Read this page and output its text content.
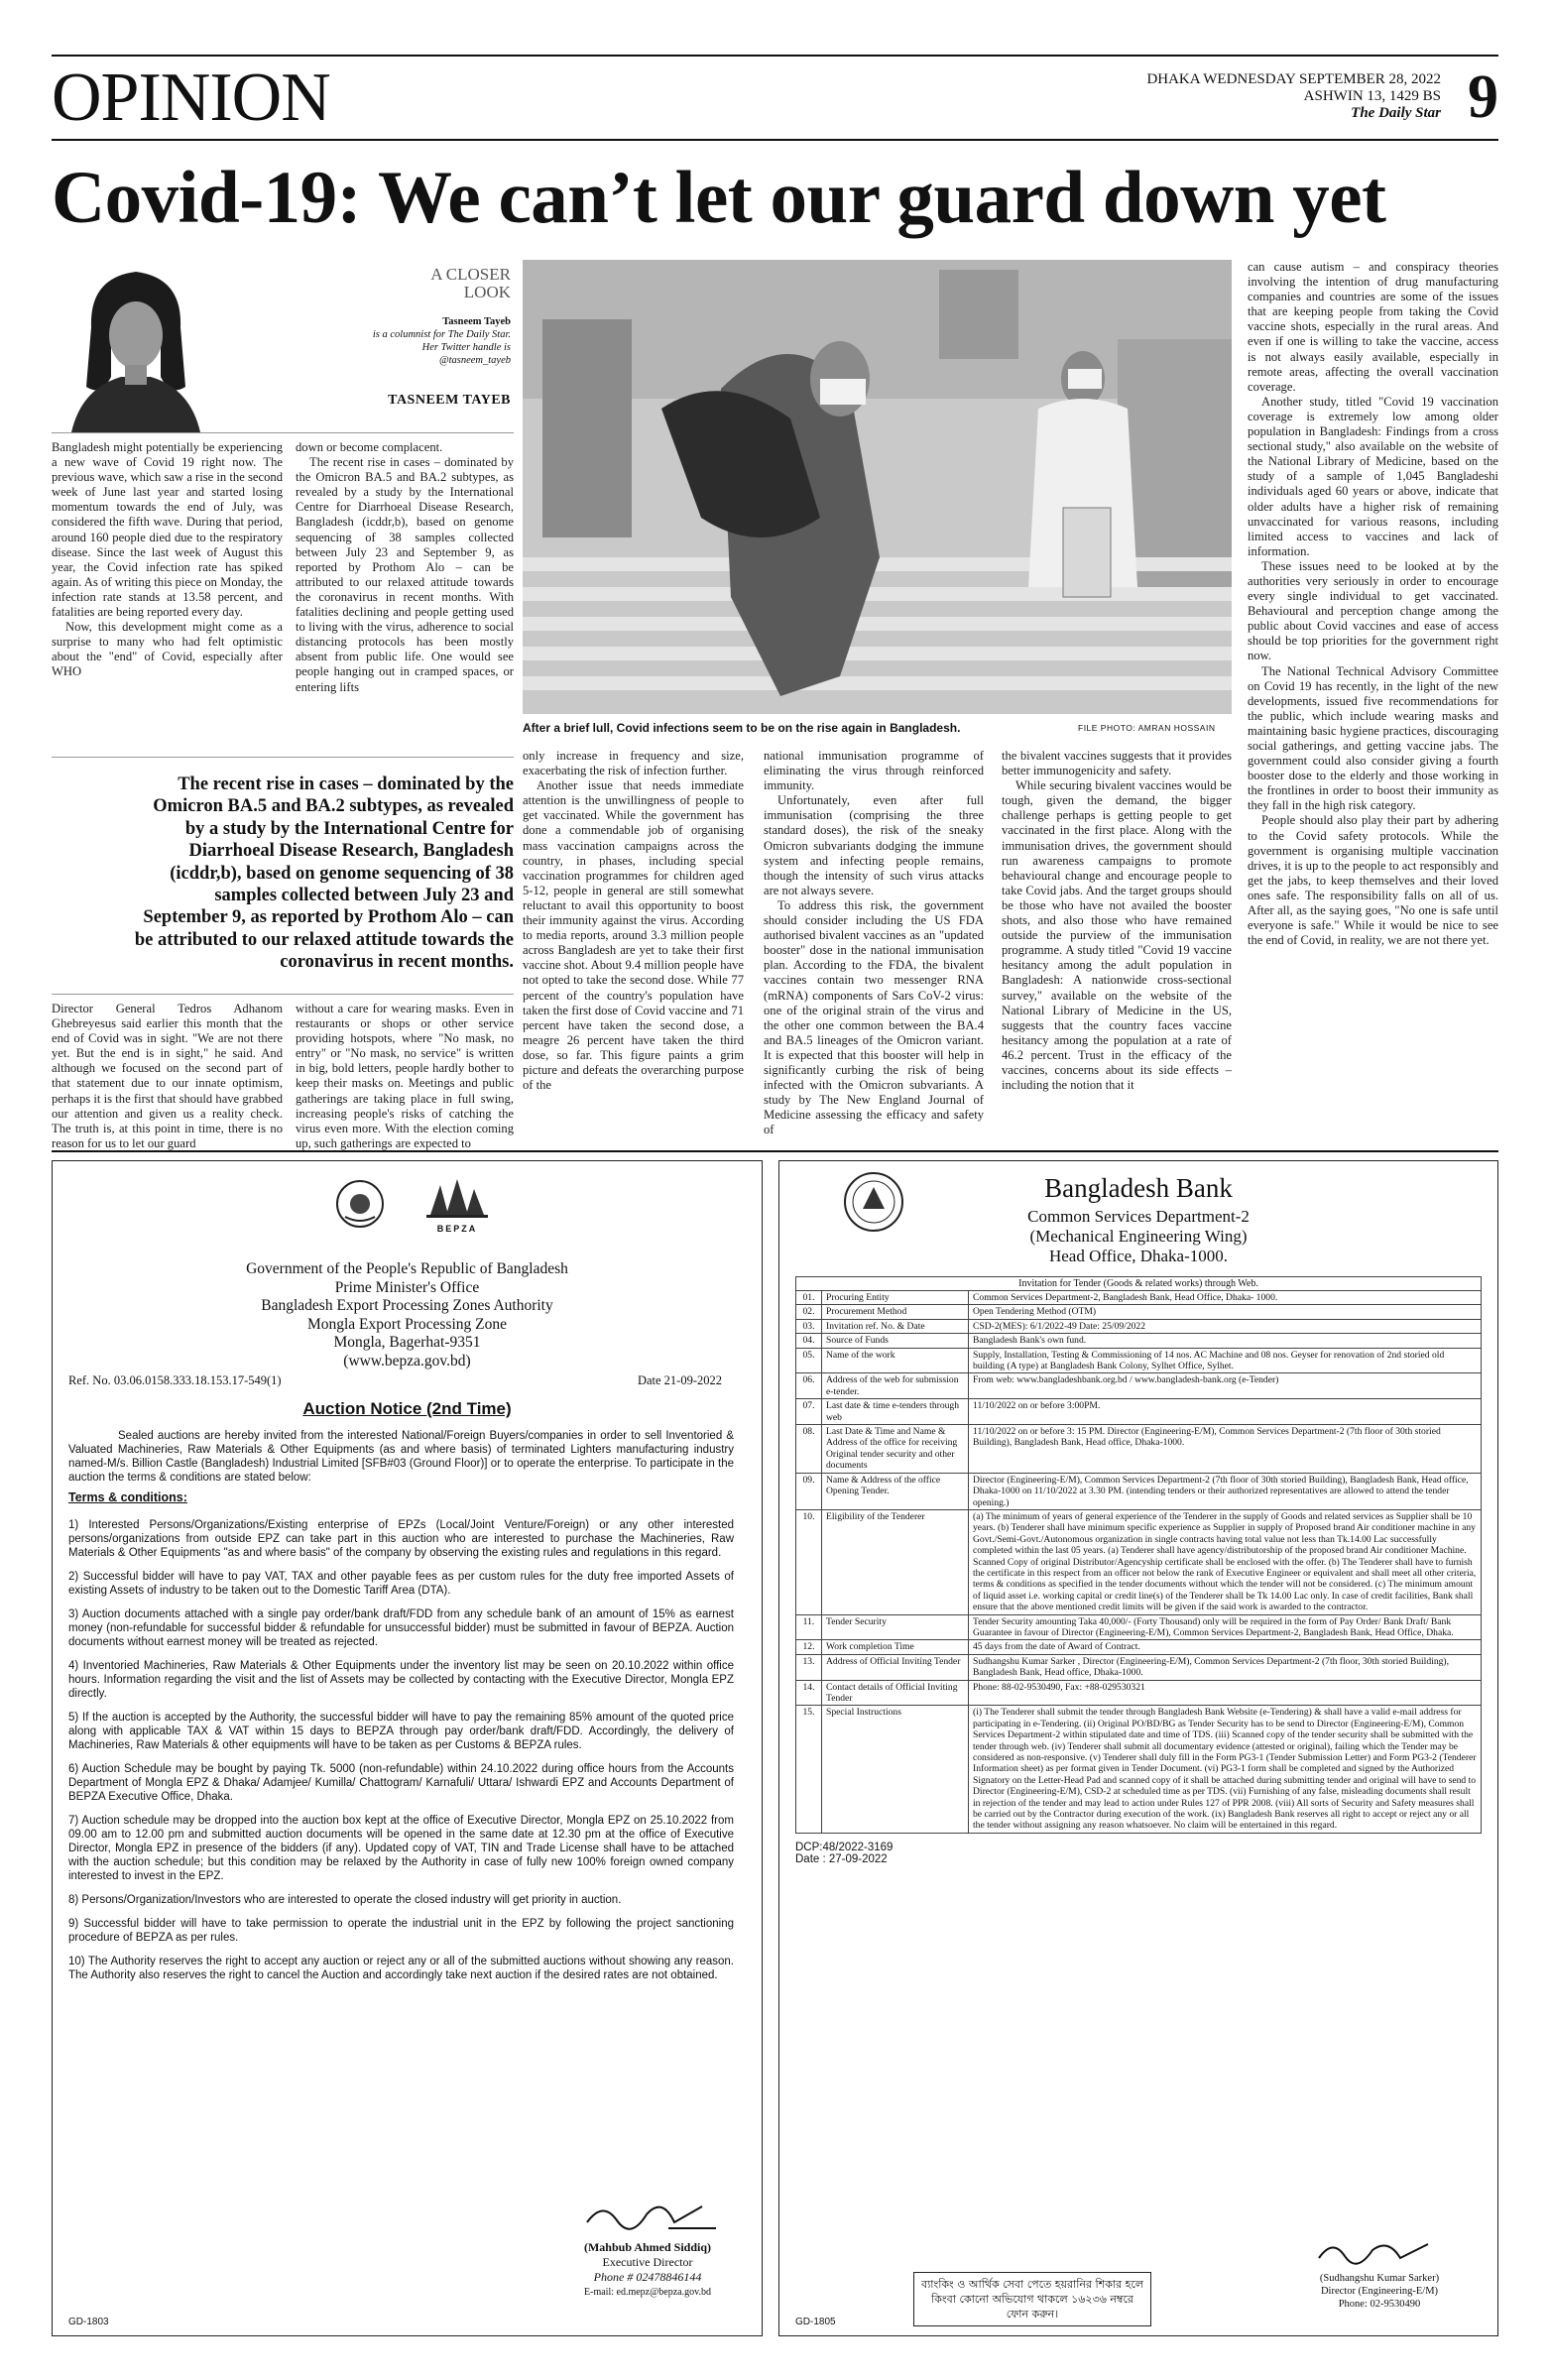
OPINION	DHAKA WEDNESDAY SEPTEMBER 28, 2022
ASHWIN 13, 1429 BS
The Daily Star 9
Covid-19: We can’t let our guard down yet
A CLOSER LOOK
Tasneem Tayeb
is a columnist for The Daily Star.
Her Twitter handle is
@tasneem_tayeb
TASNEEM TAYEB
After a brief lull, Covid infections seem to be on the rise again in Bangladesh.	FILE PHOTO: AMRAN HOSSAIN

Bangladesh might potentially be experiencing a new wave of Covid 19 right now. The previous wave, which saw a rise in the second week of June last year and started losing momentum towards the end of July, was considered the fifth wave. During that period, around 160 people died due to the respiratory disease. Since the last week of August this year, the Covid infection rate has spiked again. As of writing this piece on Monday, the infection rate stands at 13.58 percent, and fatalities are being reported every day.

Now, this development might come as a surprise to many who had felt optimistic about the "end" of Covid, especially after WHO

down or become complacent.

The recent rise in cases – dominated by the Omicron BA.5 and BA.2 subtypes, as revealed by a study by the International Centre for Diarrhoeal Disease Research, Bangladesh (icddr,b), based on genome sequencing of 38 samples collected between July 23 and September 9, as reported by Prothom Alo – can be attributed to our relaxed attitude towards the coronavirus in recent months. With fatalities declining and people getting used to living with the virus, adherence to social distancing protocols has been mostly absent from public life. One would see people hanging out in cramped spaces, or entering lifts

The recent rise in cases – dominated by the Omicron BA.5 and BA.2 subtypes, as revealed by a study by the International Centre for Diarrhoeal Disease Research, Bangladesh (icddr,b), based on genome sequencing of 38 samples collected between July 23 and September 9, as reported by Prothom Alo – can be attributed to our relaxed attitude towards the coronavirus in recent months.

Director General Tedros Adhanom Ghebreyesus said earlier this month that the end of Covid was in sight. "We are not there yet. But the end is in sight," he said. And although we focused on the second part of that statement due to our innate optimism, perhaps it is the first that should have grabbed our attention and given us a reality check. The truth is, at this point in time, there is no reason for us to let our guard

without a care for wearing masks. Even in restaurants or shops or other service providing hotspots, where "No mask, no entry" or "No mask, no service" is written in big, bold letters, people hardly bother to keep their masks on. Meetings and public gatherings are taking place in full swing, increasing people's risks of catching the virus even more. With the election coming up, such gatherings are expected to

only increase in frequency and size, exacerbating the risk of infection further.

Another issue that needs immediate attention is the unwillingness of people to get vaccinated. While the government has done a commendable job of organising mass vaccination campaigns across the country, in phases, including special vaccination programmes for children aged 5-12, people in general are still somewhat reluctant to avail this opportunity to boost their immunity against the virus. According to media reports, around 3.3 million people across Bangladesh are yet to take their first vaccine shot. About 9.4 million people have not opted to take the second dose. While 77 percent of the country's population have taken the first dose of Covid vaccine and 71 percent have taken the second dose, a meagre 26 percent have taken the third dose, so far. This figure paints a grim picture and defeats the overarching purpose of the

national immunisation programme of eliminating the virus through reinforced immunity.

Unfortunately, even after full immunisation (comprising the three standard doses), the risk of the sneaky Omicron subvariants dodging the immune system and infecting people remains, though the intensity of such virus attacks are not always severe.

To address this risk, the government should consider including the US FDA authorised bivalent vaccines as an "updated booster" dose in the national immunisation plan. According to the FDA, the bivalent vaccines contain two messenger RNA (mRNA) components of Sars CoV-2 virus: one of the original strain of the virus and the other one common between the BA.4 and BA.5 lineages of the Omicron variant. It is expected that this booster will help in significantly curbing the risk of being infected with the Omicron subvariants. A study by The New England Journal of Medicine assessing the efficacy and safety of

the bivalent vaccines suggests that it provides better immunogenicity and safety.

While securing bivalent vaccines would be tough, given the demand, the bigger challenge perhaps is getting people to get vaccinated in the first place. Along with the immunisation drives, the government should run awareness campaigns to promote behavioural change and encourage people to take Covid jabs. And the target groups should be those who have not availed the booster shots, and also those who have remained outside the purview of the immunisation programme. A study titled "Covid 19 vaccine hesitancy among the adult population in Bangladesh: A nationwide cross-sectional survey," available on the website of the National Library of Medicine in the US, suggests that the country faces vaccine hesitancy among the population at a rate of 46.2 percent. Trust in the efficacy of the vaccines, concerns about its side effects – including the notion that it

can cause autism – and conspiracy theories involving the intention of drug manufacturing companies and countries are some of the issues that are keeping people from taking the Covid vaccine shots, especially in the rural areas. And even if one is willing to take the vaccine, access is not always easily available, especially in remote areas, affecting the overall vaccination coverage.

Another study, titled "Covid 19 vaccination coverage is extremely low among older population in Bangladesh: Findings from a cross sectional study," also available on the website of the National Library of Medicine, based on the study of a sample of 1,045 Bangladeshi individuals aged 60 years or above, indicate that older adults have a higher risk of remaining unvaccinated for various reasons, including limited access to vaccines and lack of information.

These issues need to be looked at by the authorities very seriously in order to encourage every single individual to get vaccinated. Behavioural and perception change among the public about Covid vaccines and ease of access should be top priorities for the government right now.

The National Technical Advisory Committee on Covid 19 has recently, in the light of the new developments, issued five recommendations for the public, which include wearing masks and maintaining basic hygiene practices, discouraging social gatherings, and getting vaccine jabs. The government could also consider giving a fourth booster dose to the elderly and those working in the frontlines in order to boost their immunity as they fall in the high risk category.

People should also play their part by adhering to the Covid safety protocols. While the government is organising multiple vaccination drives, it is up to the people to act responsibly and get the jabs, to keep themselves and their loved ones safe. The responsibility falls on all of us. After all, as the saying goes, "No one is safe until everyone is safe." While it would be nice to see the end of Covid, in reality, we are not there yet.

BEPZA
Government of the People's Republic of Bangladesh
Prime Minister's Office
Bangladesh Export Processing Zones Authority
Mongla Export Processing Zone
Mongla, Bagerhat-9351
(www.bepza.gov.bd)
Ref. No. 03.06.0158.333.18.153.17-549(1)	Date 21-09-2022
Auction Notice (2nd Time)
Sealed auctions are hereby invited from the interested National/Foreign Buyers/companies in order to sell Inventoried & Valuated Machineries, Raw Materials & Other Equipments (as and where basis) of terminated Lighters manufacturing industry named-M/s. Billion Castle (Bangladesh) Industrial Limited [SFB#03 (Ground Floor)] or to operate the enterprise. To participate in the auction the terms & conditions are stated below:
Terms & conditions:
1) Interested Persons/Organizations/Existing enterprise of EPZs (Local/Joint Venture/Foreign) or any other interested persons/organizations from outside EPZ can take part in this auction who are interested to purchase the Machineries, Raw Materials & Other Equipments "as and where basis" of the company by observing the existing rules and regulations in this regard.
2) Successful bidder will have to pay VAT, TAX and other payable fees as per custom rules for the duty free imported Assets of existing Assets of industry to be taken out to the Domestic Tariff Area (DTA).
3) Auction documents attached with a single pay order/bank draft/FDD from any schedule bank of an amount of 15% as earnest money (non-refundable for successful bidder & refundable for unsuccessful bidder) must be submitted in favour of BEPZA. Auction documents without earnest money will be treated as rejected.
4) Inventoried Machineries, Raw Materials & Other Equipments under the inventory list may be seen on 20.10.2022 within office hours. Information regarding the visit and the list of Assets may be collected by contacting with the Executive Director, Mongla EPZ directly.
5) If the auction is accepted by the Authority, the successful bidder will have to pay the remaining 85% amount of the quoted price along with applicable TAX & VAT within 15 days to BEPZA through pay order/bank draft/FDD. Accordingly, the delivery of Machineries, Raw Materials & other equipments will have to be taken as per Customs & BEPZA rules.
6) Auction Schedule may be bought by paying Tk. 5000 (non-refundable) within 24.10.2022 during office hours from the Accounts Department of Mongla EPZ & Dhaka/ Adamjee/ Kumilla/ Chattogram/ Karnafuli/ Uttara/ Ishwardi EPZ and Accounts Department of BEPZA Executive Office, Dhaka.
7) Auction schedule may be dropped into the auction box kept at the office of Executive Director, Mongla EPZ on 25.10.2022 from 09.00 am to 12.00 pm and submitted auction documents will be opened in the same date at 12.30 pm at the office of Executive Director, Mongla EPZ in presence of the bidders (if any). Updated copy of VAT, TIN and Trade License shall have to be attached with the auction schedule; but this condition may be relaxed by the Authority in case of fully new 100% foreign owned company interested to invest in the EPZ.
8) Persons/Organization/Investors who are interested to operate the closed industry will get priority in auction.
9) Successful bidder will have to take permission to operate the industrial unit in the EPZ by following the project sanctioning procedure of BEPZA as per rules.
10) The Authority reserves the right to accept any auction or reject any or all of the submitted auctions without showing any reason. The Authority also reserves the right to cancel the Auction and accordingly take next auction if the desired rates are not obtained.
(Mahbub Ahmed Siddiq)
Executive Director
Phone # 02478846144
E-mail: ed.mepz@bepza.gov.bd
GD-1803
Bangladesh Bank
Common Services Department-2
(Mechanical Engineering Wing)
Head Office, Dhaka-1000.
Invitation for Tender (Goods & related works) through Web.
01.	Procuring Entity	Common Services Department-2, Bangladesh Bank, Head Office, Dhaka- 1000.
02.	Procurement Method	Open Tendering Method (OTM)
03.	Invitation ref. No. & Date	CSD-2(MES): 6/1/2022-49 Date: 25/09/2022
04.	Source of Funds	Bangladesh Bank's own fund.
05.	Name of the work	Supply, Installation, Testing & Commissioning of 14 nos. AC Machine and 08 nos. Geyser for renovation of 2nd storied old building (A type) at Bangladesh Bank Colony, Sylhet Office, Sylhet.
06.	Address of the web for submission e-tender.	From web: www.bangladeshbank.org.bd / www.bangladesh-bank.org (e-Tender)
07.	Last date & time e-tenders through web	11/10/2022 on or before 3:00PM.
08.	Last Date & Time and Name & Address of the office for receiving Original tender security and other documents	11/10/2022 on or before 3: 15 PM. Director (Engineering-E/M), Common Services Department-2 (7th floor of 30th storied Building), Bangladesh Bank, Head office, Dhaka-1000.
09.	Name & Address of the office Opening Tender.	Director (Engineering-E/M), Common Services Department-2 (7th floor of 30th storied Building), Bangladesh Bank, Head office, Dhaka-1000 on 11/10/2022 at 3.30 PM. (intending tenders or their authorized representatives are allowed to attend the tender opening.)
10.	Eligibility of the Tenderer	(a) The minimum of years of general experience of the Tenderer in the supply of Goods and related services as Supplier shall be 10 years. (b) Tenderer shall have minimum specific experience as Supplier in supply of Proposed brand Air conditioner machine in any Govt./Semi-Govt./Autonomous organization in single contracts having total value not less than Tk.14.00 Lac successfully completed within the last 05 years. (a) Tenderer shall have agency/distributorship of the proposed brand Air conditioner Machine. Scanned Copy of original Distributor/Agencyship certificate shall be enclosed with the offer. (b) The Tenderer shall have to furnish the certificate in this respect from an officer not below the rank of Executive Engineer or equivalent and shall meet all other criteria, terms & conditions as specified in the tender documents without which the tender will not be considered. (c) The minimum amount of liquid asset i.e. working capital or credit line(s) of the Tenderer shall be Tk 14.00 Lac only. In case of credit facilities, Bank shall ensure that the above mentioned credit limits will be given if the said work is awarded to the contractor.
11.	Tender Security	Tender Security amounting Taka 40,000/- (Forty Thousand) only will be required in the form of Pay Order/ Bank Draft/ Bank Guarantee in favour of Director (Engineering-E/M), Common Services Department-2, Bangladesh Bank, Head Office, Dhaka.
12.	Work completion Time	45 days from the date of Award of Contract.
13.	Address of Official Inviting Tender	Sudhangshu Kumar Sarker , Director (Engineering-E/M), Common Services Department-2 (7th floor, 30th storied Building), Bangladesh Bank, Head office, Dhaka-1000.
14.	Contact details of Official Inviting Tender	Phone: 88-02-9530490, Fax: +88-029530321
15.	Special Instructions	(i) The Tenderer shall submit the tender through Bangladesh Bank Website (e-Tendering) & shall have a valid e-mail address for participating in e-Tendering. (ii) Original PO/BD/BG as Tender Security has to be send to Director (Engineering-E/M), Common Services Department-2 within stipulated date and time of TDS. (iii) Scanned copy of the tender security shall be submitted with the tender through web. (iv) Tenderer shall submit all documentary evidence (attested or original), failing which the Tender may be considered as non-responsive. (v) Tenderer shall duly fill in the Form PG3-1 (Tender Submission Letter) and Form PG3-2 (Tenderer Information sheet) as per format given in Tender Document. (vi) PG3-1 form shall be completed and signed by the Authorized Signatory on the Letter-Head Pad and scanned copy of it shall be attached during submitting tender and original will have to send to Director (Engineering-E/M), CSD-2 at scheduled time as per TDS. (vii) Furnishing of any false, misleading documents shall result in rejection of the tender and may lead to action under Rules 127 of PPR 2008. (viii) All sorts of Security and Safety measures shall be carried out by the Contractor during execution of the work. (ix) Bangladesh Bank reserves all right to accept or reject any or all the tender without assigning any reason whatsoever. No claim will be entertained in this regard.
DCP:48/2022-3169
Date : 27-09-2022
ব্যাংকিং ও আর্থিক সেবা পেতে হয়রানির শিকার হলে কিংবা কোনো অভিযোগ থাকলে ১৬২৩৬ নম্বরে ফোন করুন।
(Sudhangshu Kumar Sarker)
Director (Engineering-E/M)
Phone: 02-9530490
GD-1805
